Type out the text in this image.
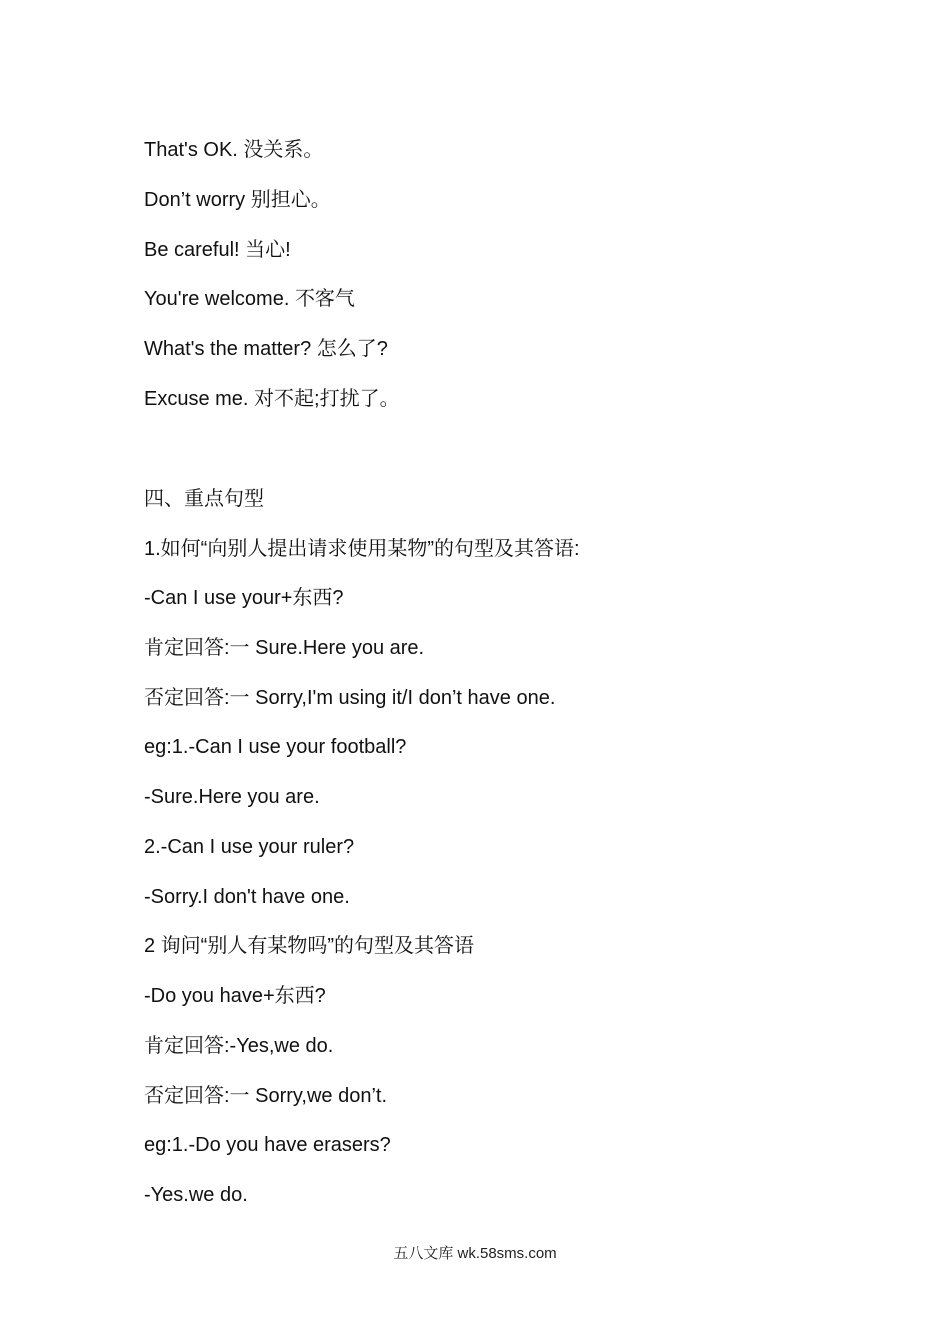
That's OK. 没关系。
Don’t worry 别担心。
Be careful! 当心!
You're welcome. 不客气
What's the matter? 怎么了?
Excuse me. 对不起;打扰了。
四、重点句型
1.如何“向别人提出请求使用某物”的句型及其答语:
-Can I use your+东西?
肯定回答:一 Sure.Here you are.
否定回答:一 Sorry,I'm using it/I don’t have one.
eg:1.-Can I use your football?
-Sure.Here you are.
2.-Can I use your ruler?
-Sorry.I don't have one.
2 询问“别人有某物吗”的句型及其答语
-Do you have+东西?
肯定回答:-Yes,we do.
否定回答:一 Sorry,we don’t.
eg:1.-Do you have erasers?
-Yes.we do.
五八文库 wk.58sms.com
